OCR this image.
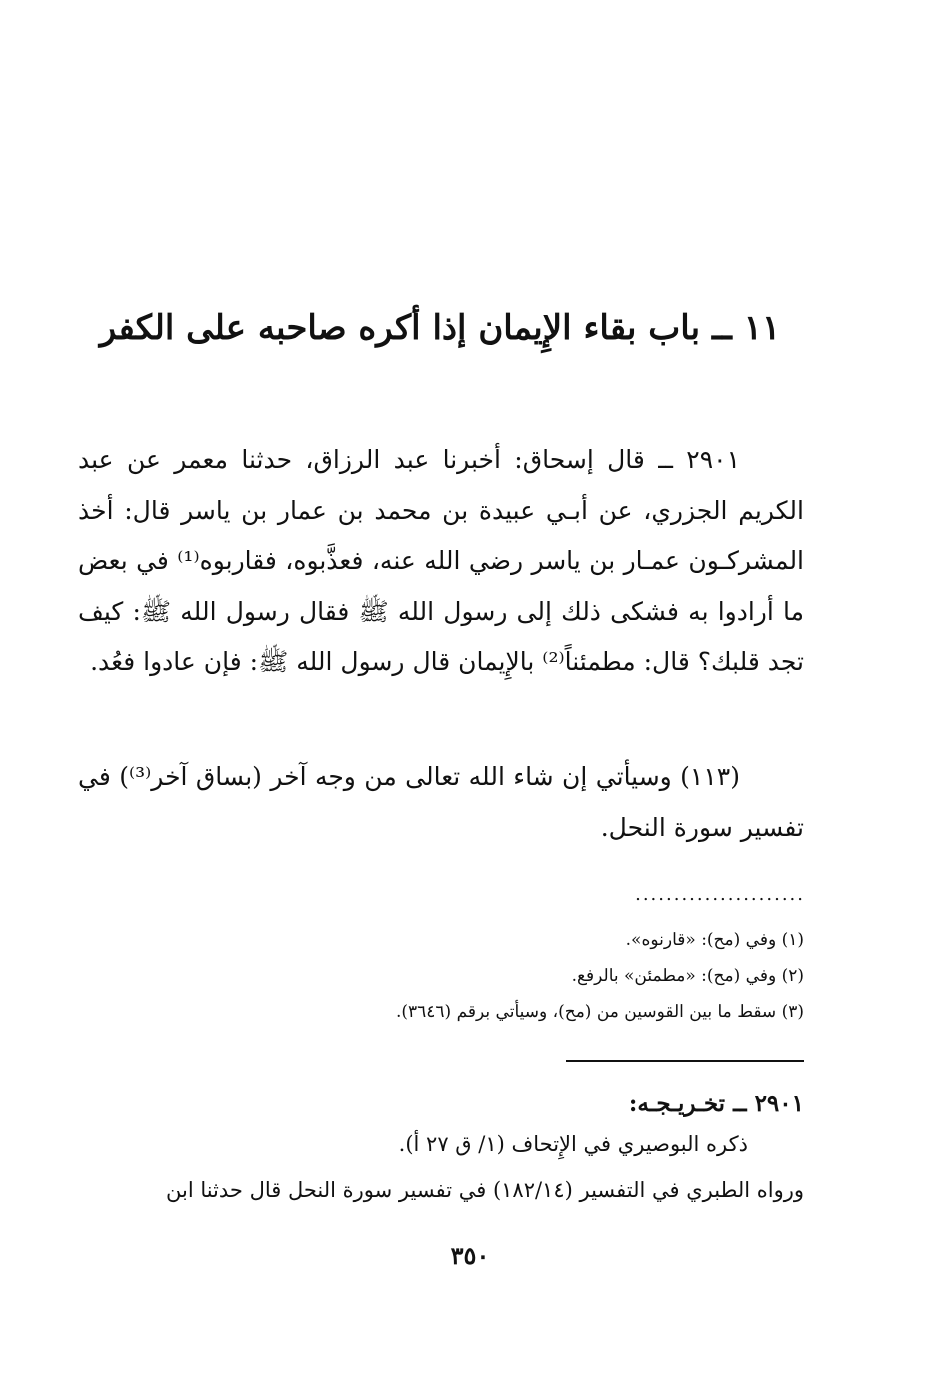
١١ ــ باب بقاء الإِيمان إذا أكره صاحبه على الكفر
٢٩٠١ ــ قال إسحاق: أخبرنا عبد الرزاق، حدثنا معمر عن عبد الكريم الجزري، عن أبـي عبيدة بن محمد بن عمار بن ياسر قال: أخذ المشركـون عمـار بن ياسر رضي الله عنه، فعذَّبوه، فقاربوه⁽¹⁾ في بعض ما أرادوا به فشكى ذلك إلى رسول الله ﷺ فقال رسول الله ﷺ: كيف تجد قلبك؟ قال: مطمئناً⁽²⁾ بالإِيمان قال رسول الله ﷺ: فإن عادوا فعُد.
(١١٣) وسيأتي إن شاء الله تعالى من وجه آخر (بساق آخر⁽³⁾) في تفسير سورة النحل.
......................
(١) وفي (مح): «قارنوه».
(٢) وفي (مح): «مطمئن» بالرفع.
(٣) سقط ما بين القوسين من (مح)، وسيأتي برقم (٣٦٤٦).
٢٩٠١ ــ تخـريـجـه:
ذكره البوصيري في الإِتحاف (١/ ق ٢٧ أ).
ورواه الطبري في التفسير (١٨٢/١٤) في تفسير سورة النحل قال حدثنا ابن
٣٥٠
